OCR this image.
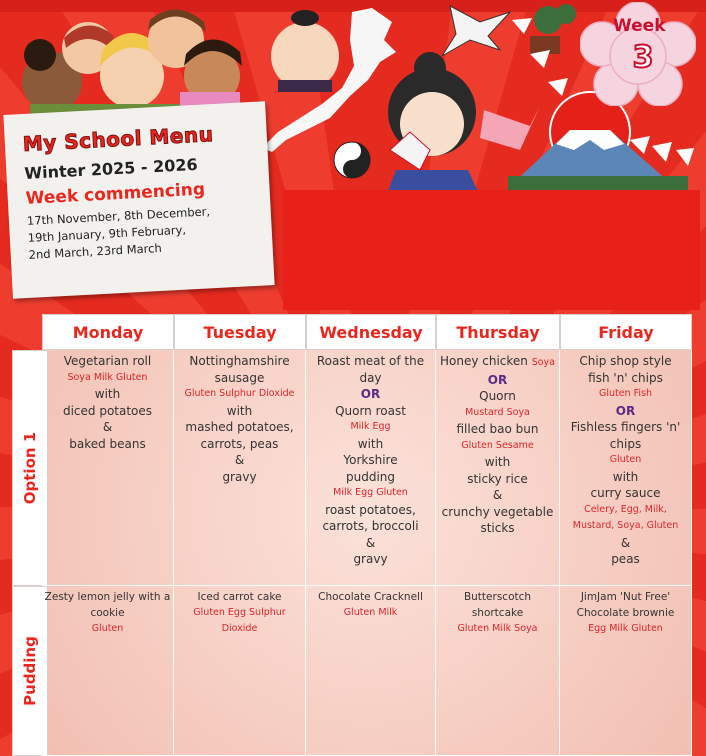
Week
3
My School Menu
Winter 2025 - 2026
Week commencing
17th November, 8th December,
19th January, 9th February,
2nd March, 23rd March
Option 1
Pudding
Monday
Vegetarian roll
Soya Milk Gluten
with
diced potatoes
&
baked beans
Zesty lemon jelly with a
cookie
Gluten
Tuesday
Nottinghamshire
sausage
Gluten Sulphur Dioxide
with
mashed potatoes,
carrots, peas
&
gravy
Iced carrot cake
Gluten Egg Sulphur
Dioxide
Wednesday
Roast meat of the
day
OR
Quorn roast
Milk Egg
with
Yorkshire
pudding
Milk Egg Gluten
roast potatoes,
carrots, broccoli
&
gravy
Chocolate Cracknell
Gluten Milk
Thursday
Honey chicken Soya
OR
Quorn
Mustard Soya
filled bao bun
Gluten Sesame
with
sticky rice
&
crunchy vegetable
sticks
Butterscotch
shortcake
Gluten Milk Soya
Friday
Chip shop style
fish 'n' chips
Gluten Fish
OR
Fishless fingers 'n'
chips
Gluten
with
curry sauce
Celery, Egg, Milk,
Mustard, Soya, Gluten
&
peas
JimJam 'Nut Free'
Chocolate brownie
Egg Milk Gluten
